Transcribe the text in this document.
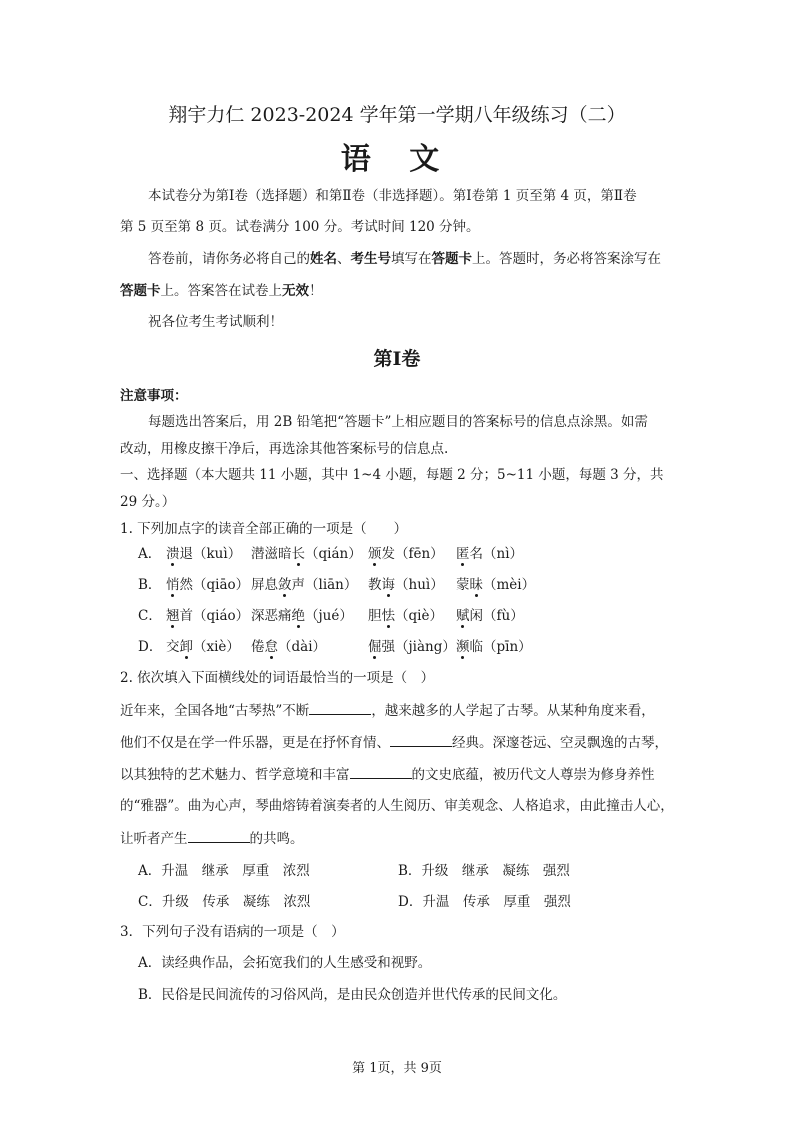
翔宇力仁 2023-2024 学年第一学期八年级练习（二）
语 文
本试卷分为第Ⅰ卷（选择题）和第Ⅱ卷（非选择题）。第Ⅰ卷第 1 页至第 4 页，第Ⅱ卷
第 5 页至第 8 页。试卷满分 100 分。考试时间 120 分钟。
答卷前，请你务必将自己的姓名、考生号填写在答题卡上。答题时，务必将答案涂写在
答题卡上。答案答在试卷上无效！
祝各位考生考试顺利！
第Ⅰ卷
注意事项：
每题选出答案后，用 2B 铅笔把“答题卡”上相应题目的答案标号的信息点涂黑。如需
改动，用橡皮擦干净后，再选涂其他答案标号的信息点.
一、选择题（本大题共 11 小题，其中 1~4 小题，每题 2 分；5~11 小题，每题 3 分，共
29 分。）
1. 下列加点字的读音全部正确的一项是（　　）
A． 溃退（kuì） 潜滋暗长（qián） 颁发（fēn） 匿名（nì）
B． 悄然（qiāo） 屏息敛声（liān） 教诲（huì） 蒙昧（mèi）
C． 翘首（qiáo） 深恶痛绝（jué） 胆怯（qiè） 赋闲（fù）
D． 交卸（xiè） 倦怠（dài）	倔强（jiàng） 濒临（pīn）
2. 依次填入下面横线处的词语最恰当的一项是（　）
近年来，全国各地“古琴热”不断	，越来越多的人学起了古琴。从某种角度来看，
他们不仅是在学一件乐器，更是在抒怀育情、	经典。深邃苍远、空灵飘逸的古琴，
以其独特的艺术魅力、哲学意境和丰富	的文史底蕴，被历代文人尊崇为修身养性
的“雅器”。曲为心声，琴曲熔铸着演奏者的人生阅历、审美观念、人格追求，由此撞击人心，
让听者产生	的共鸣。
A．升温　继承　厚重　浓烈	B．升级　继承　凝练　强烈
C．升级　传承　凝练　浓烈	D．升温　传承　厚重　强烈
3．下列句子没有语病的一项是（　）
A．读经典作品，会拓宽我们的人生感受和视野。
B．民俗是民间流传的习俗风尚，是由民众创造并世代传承的民间文化。
第 1页，共 9页
